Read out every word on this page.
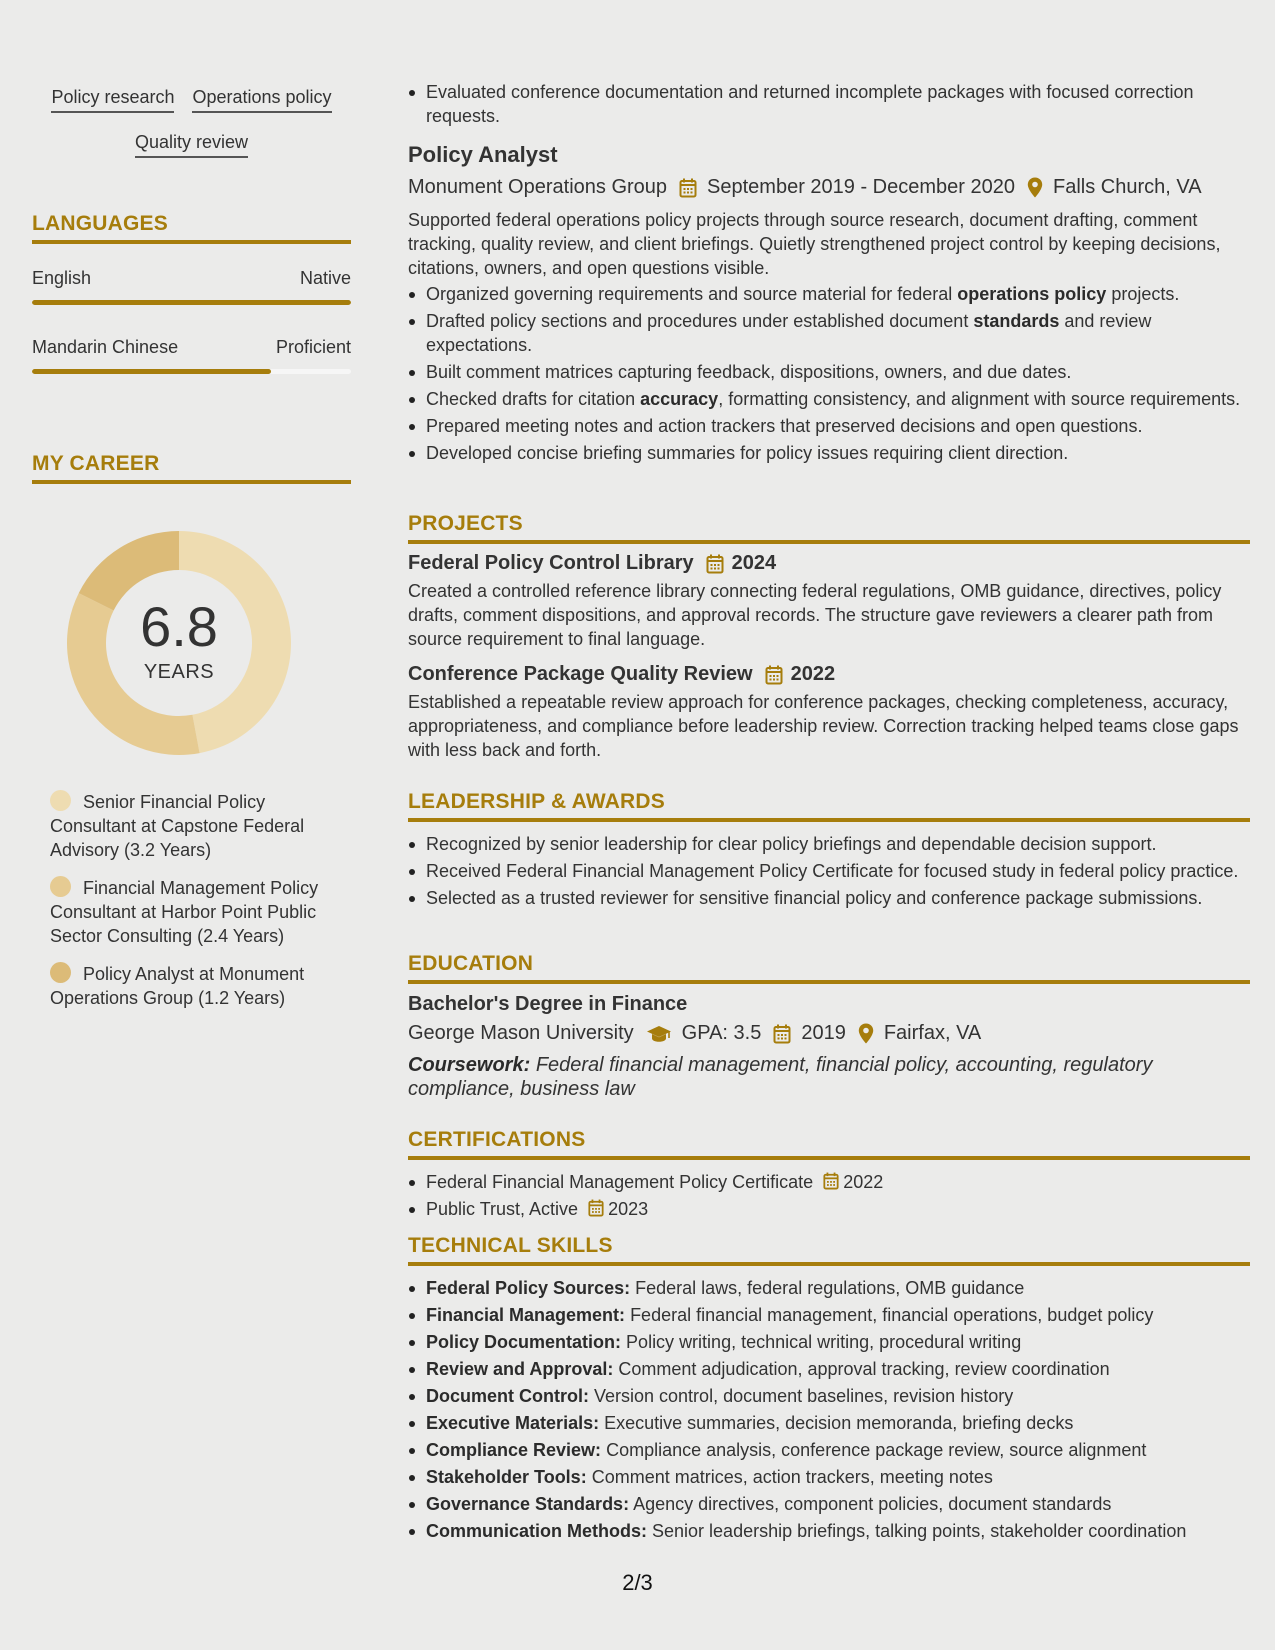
Policy research Operations policy
Quality review
LANGUAGES
English	Native
Mandarin Chinese	Proficient
MY CAREER
6.8
YEARS
Senior Financial Policy Consultant at Capstone Federal Advisory (3.2 Years)
Financial Management Policy Consultant at Harbor Point Public Sector Consulting (2.4 Years)
Policy Analyst at Monument Operations Group (1.2 Years)
Evaluated conference documentation and returned incomplete packages with focused correction requests.
Policy Analyst
Monument Operations Group September 2019 - December 2020 Falls Church, VA
Supported federal operations policy projects through source research, document drafting, comment tracking, quality review, and client briefings. Quietly strengthened project control by keeping decisions, citations, owners, and open questions visible.
Organized governing requirements and source material for federal operations policy projects.
Drafted policy sections and procedures under established document standards and review expectations.
Built comment matrices capturing feedback, dispositions, owners, and due dates.
Checked drafts for citation accuracy, formatting consistency, and alignment with source requirements.
Prepared meeting notes and action trackers that preserved decisions and open questions.
Developed concise briefing summaries for policy issues requiring client direction.
PROJECTS
Federal Policy Control Library 2024
Created a controlled reference library connecting federal regulations, OMB guidance, directives, policy drafts, comment dispositions, and approval records. The structure gave reviewers a clearer path from source requirement to final language.
Conference Package Quality Review 2022
Established a repeatable review approach for conference packages, checking completeness, accuracy, appropriateness, and compliance before leadership review. Correction tracking helped teams close gaps with less back and forth.
LEADERSHIP & AWARDS
Recognized by senior leadership for clear policy briefings and dependable decision support.
Received Federal Financial Management Policy Certificate for focused study in federal policy practice.
Selected as a trusted reviewer for sensitive financial policy and conference package submissions.
EDUCATION
Bachelor's Degree in Finance
George Mason University GPA: 3.5 2019 Fairfax, VA
Coursework: Federal financial management, financial policy, accounting, regulatory compliance, business law
CERTIFICATIONS
Federal Financial Management Policy Certificate 2022
Public Trust, Active 2023
TECHNICAL SKILLS
Federal Policy Sources: Federal laws, federal regulations, OMB guidance
Financial Management: Federal financial management, financial operations, budget policy
Policy Documentation: Policy writing, technical writing, procedural writing
Review and Approval: Comment adjudication, approval tracking, review coordination
Document Control: Version control, document baselines, revision history
Executive Materials: Executive summaries, decision memoranda, briefing decks
Compliance Review: Compliance analysis, conference package review, source alignment
Stakeholder Tools: Comment matrices, action trackers, meeting notes
Governance Standards: Agency directives, component policies, document standards
Communication Methods: Senior leadership briefings, talking points, stakeholder coordination
2/3
